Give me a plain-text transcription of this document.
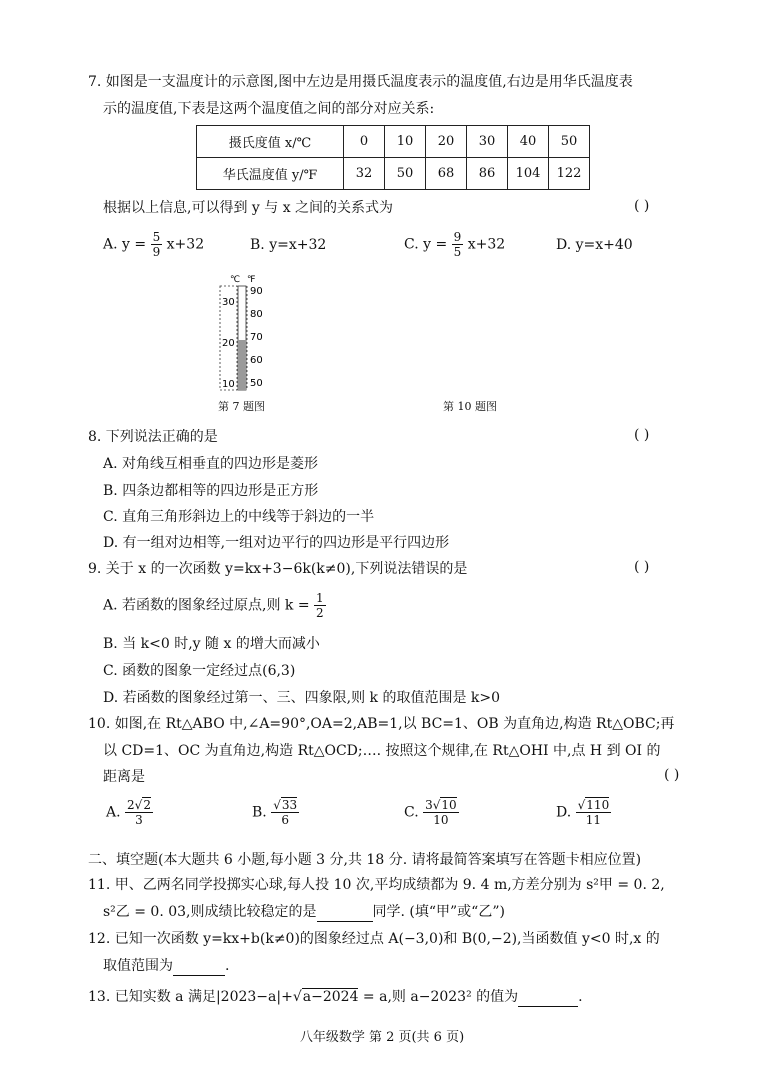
7. 如图是一支温度计的示意图,图中左边是用摄氏温度表示的温度值,右边是用华氏温度表
示的温度值,下表是这两个温度值之间的部分对应关系:
摄氏度值 x/℃	0	10	20	30	40	50
华氏温度值 y/℉	32	50	68	86	104	122
根据以上信息,可以得到 y 与 x 之间的关系式为	( )
A. $y = \frac{5}{9} x+32$	B. y=x+32	C. $y = \frac{9}{5} x+32$	D. y=x+40
℃ ℉
30
20
10
90
80
70
60
50
第 7 题图	第 10 题图
8. 下列说法正确的是	( )
A. 对角线互相垂直的四边形是菱形
B. 四条边都相等的四边形是正方形
C. 直角三角形斜边上的中线等于斜边的一半
D. 有一组对边相等,一组对边平行的四边形是平行四边形
9. 关于 x 的一次函数 y=kx+3−6k(k≠0),下列说法错误的是	( )
A. 若函数的图象经过原点,则 $k = \frac{1}{2}$
B. 当 k<0 时,y 随 x 的增大而减小
C. 函数的图象一定经过点(6,3)
D. 若函数的图象经过第一、三、四象限,则 k 的取值范围是 k>0
10. 如图,在 Rt△ABO 中,∠A=90°,OA=2,AB=1,以 BC=1、OB 为直角边,构造 Rt△OBC;再
以 CD=1、OC 为直角边,构造 Rt△OCD;…. 按照这个规律,在 Rt△OHI 中,点 H 到 OI 的
距离是	( )
A. $\frac{2√2}{3}$	B. $\frac{√33}{6}$	C. $\frac{3√10}{10}$	D. $\frac{√110}{11}$
二、填空题(本大题共 6 小题,每小题 3 分,共 18 分. 请将最简答案填写在答题卡相应位置)
11. 甲、乙两名同学投掷实心球,每人投 10 次,平均成绩都为 9. 4 m,方差分别为 s²甲 = 0. 2,
s²乙 = 0. 03,则成绩比较稳定的是	同学. (填“甲”或“乙”)
12. 已知一次函数 y=kx+b(k≠0)的图象经过点 A(−3,0)和 B(0,−2),当函数值 y<0 时,x 的
取值范围为	.
13. 已知实数 a 满足|2023−a|+√a−2024 = a,则 a−2023² 的值为	.
八年级数学 第 2 页(共 6 页)
